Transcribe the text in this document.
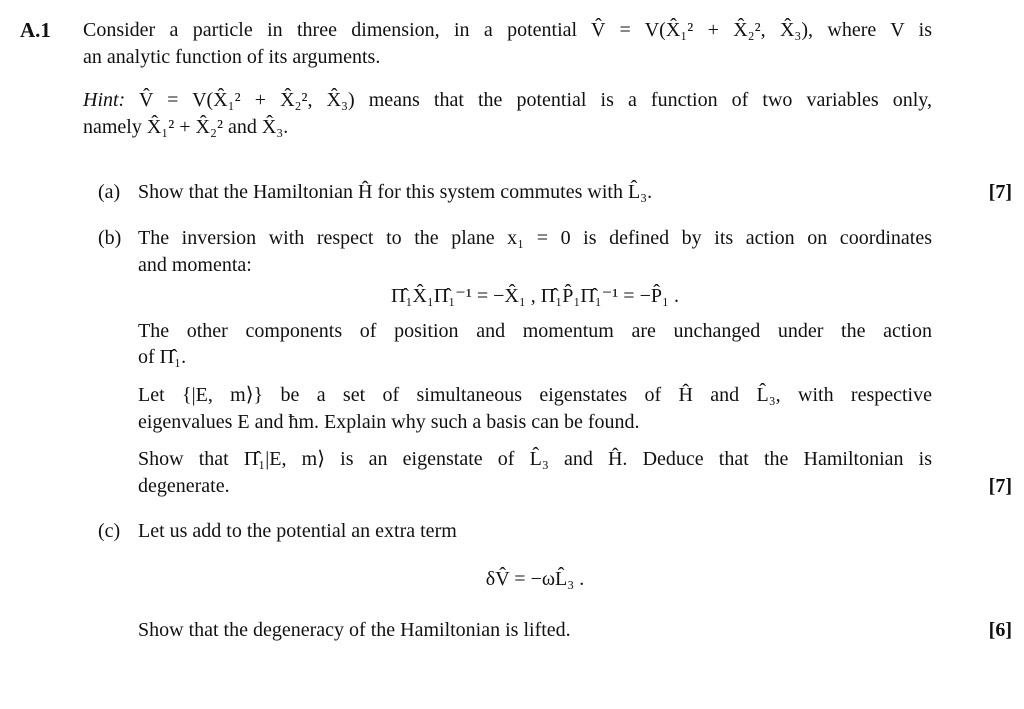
A.1 Consider a particle in three dimension, in a potential V̂ = V(X̂₁² + X̂₂², X̂₃), where V is
an analytic function of its arguments.
Hint: V̂ = V(X̂₁² + X̂₂², X̂₃) means that the potential is a function of two variables only,
namely X̂₁² + X̂₂² and X̂₃.
(a) Show that the Hamiltonian Ĥ for this system commutes with L̂₃.	[7]
(b) The inversion with respect to the plane x₁ = 0 is defined by its action on coordinates
and momenta:
Π̂₁X̂₁Π̂₁⁻¹ = −X̂₁ , Π̂₁P̂₁Π̂₁⁻¹ = −P̂₁ .
The other components of position and momentum are unchanged under the action
of Π̂₁.
Let {|E, m⟩} be a set of simultaneous eigenstates of Ĥ and L̂₃, with respective
eigenvalues E and ħm. Explain why such a basis can be found.
Show that Π̂₁|E, m⟩ is an eigenstate of L̂₃ and Ĥ. Deduce that the Hamiltonian is
degenerate.	[7]
(c) Let us add to the potential an extra term
δV̂ = −ωL̂₃ .
Show that the degeneracy of the Hamiltonian is lifted.	[6]
